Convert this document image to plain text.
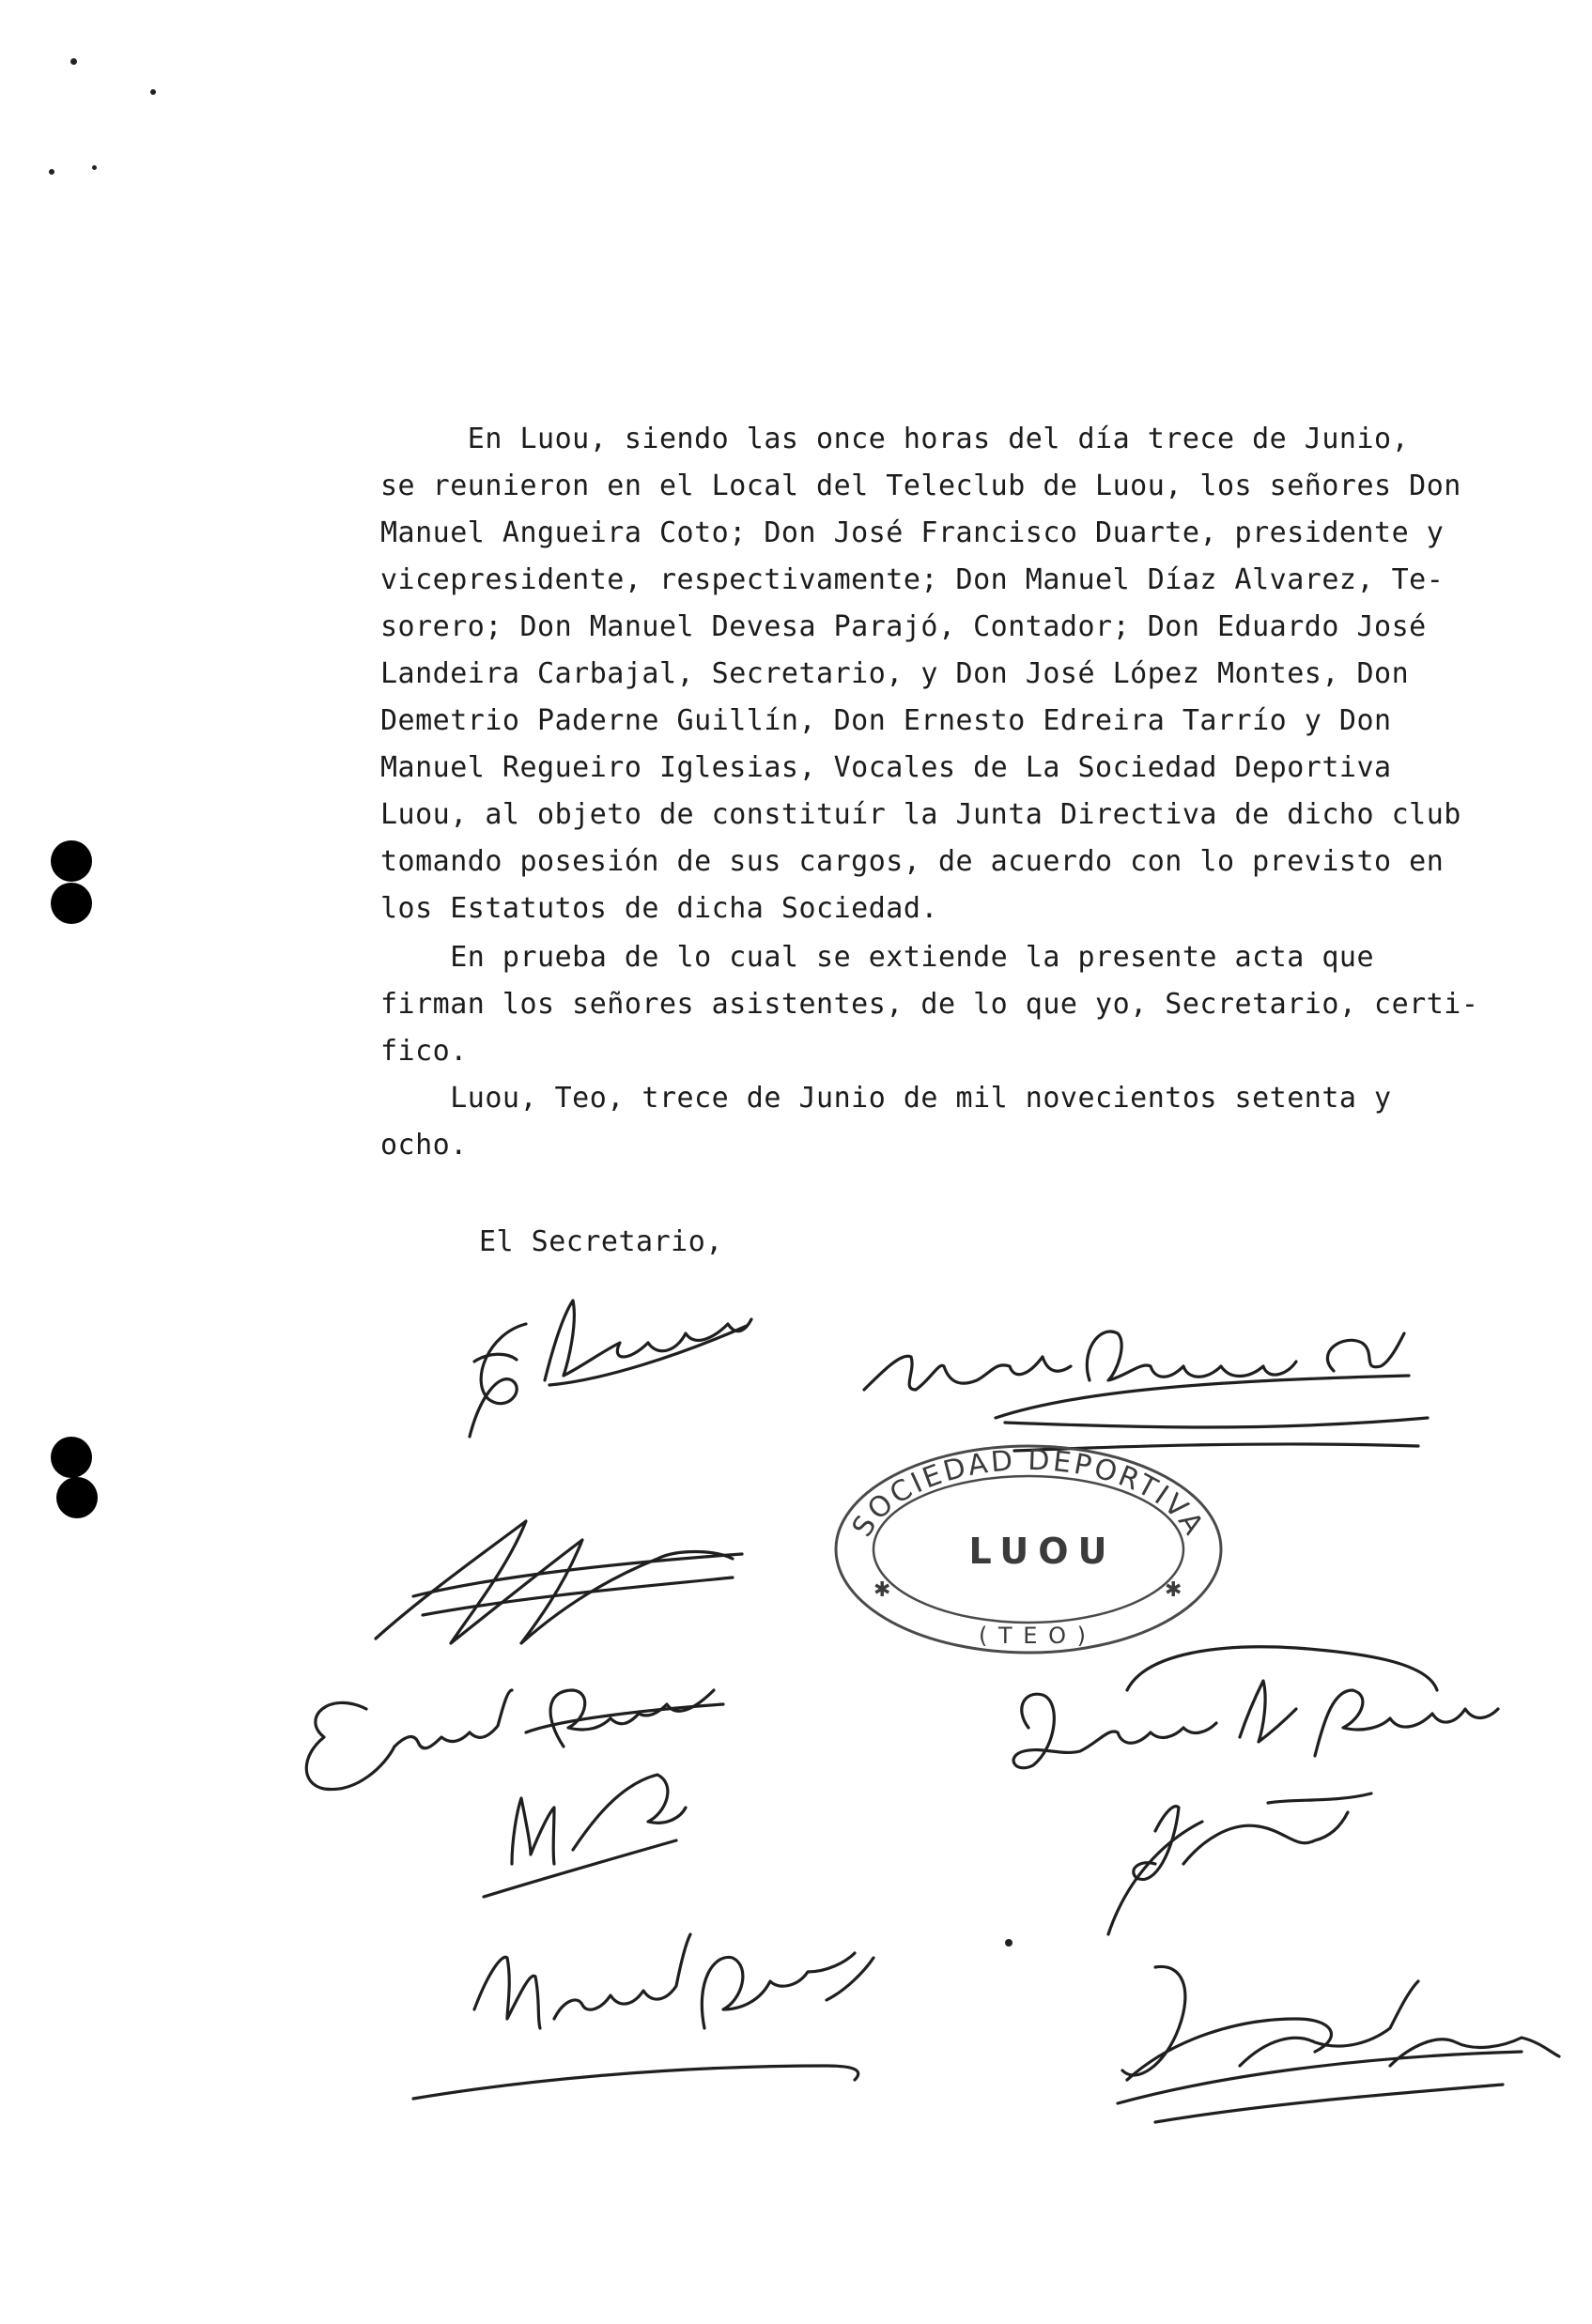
En Luou, siendo las once horas del día trece de Junio,
se reunieron en el Local del Teleclub de Luou, los señores Don
Manuel Angueira Coto; Don José Francisco Duarte, presidente y
vicepresidente, respectivamente; Don Manuel Díaz Alvarez, Te-
sorero; Don Manuel Devesa Parajó, Contador; Don Eduardo José
Landeira Carbajal, Secretario, y Don José López Montes, Don
Demetrio Paderne Guillín, Don Ernesto Edreira Tarrío y Don
Manuel Regueiro Iglesias, Vocales de La Sociedad Deportiva
Luou, al objeto de constituír la Junta Directiva de dicho club
tomando posesión de sus cargos, de acuerdo con lo previsto en
los Estatutos de dicha Sociedad.
En prueba de lo cual se extiende la presente acta que
firman los señores asistentes, de lo que yo, Secretario, certi-
fico.
Luou, Teo, trece de Junio de mil novecientos setenta y
ocho.
El Secretario,
SOCIEDAD DEPORTIVA
LUOU
( T E O )
✱	✱
